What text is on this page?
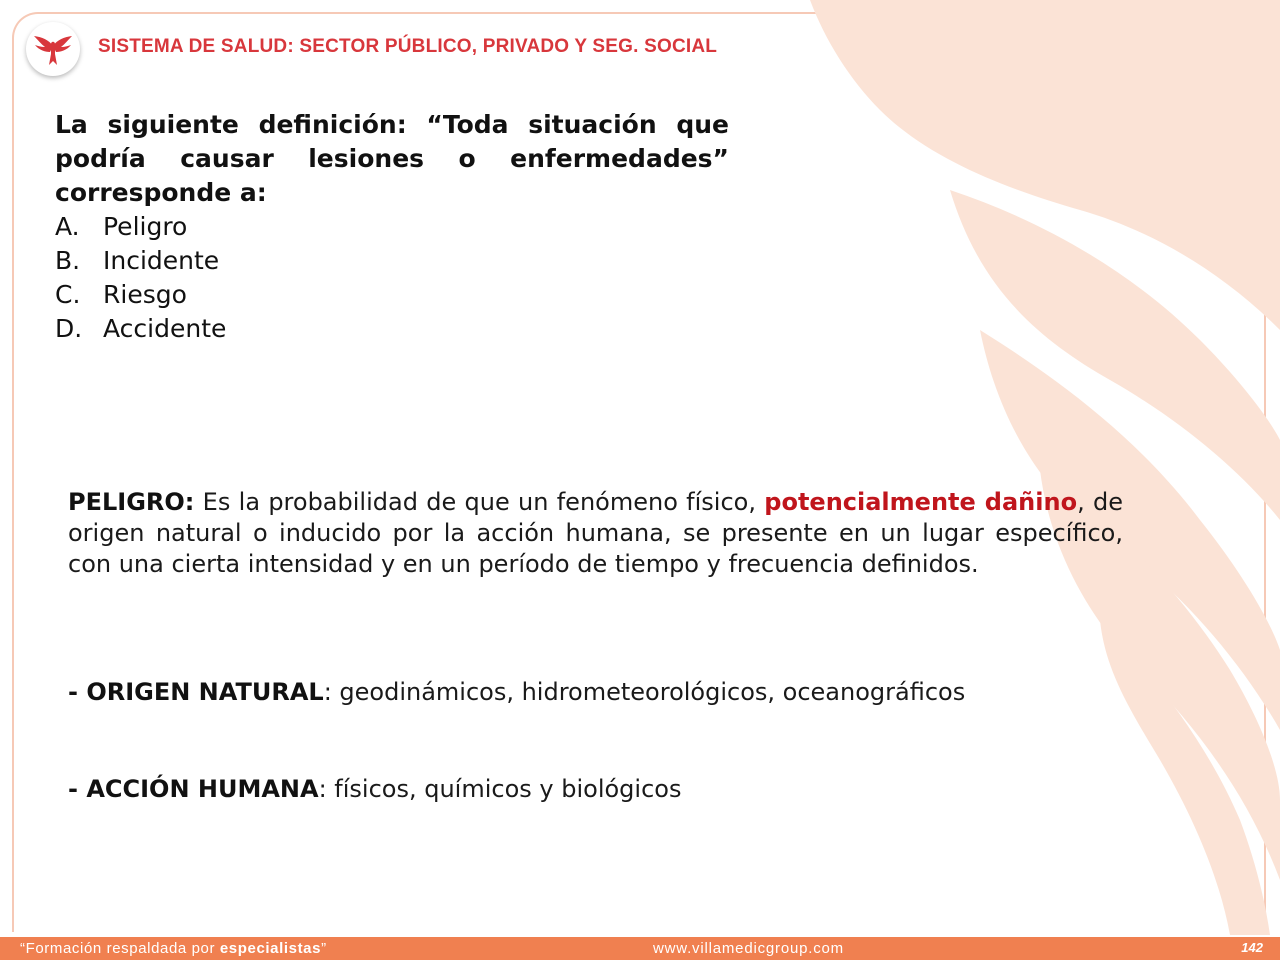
SISTEMA DE SALUD: SECTOR PÚBLICO, PRIVADO Y SEG. SOCIAL
La siguiente definición: “Toda situación que podría causar lesiones o enfermedades” corresponde a:
A. Peligro
B. Incidente
C. Riesgo
D. Accidente
PELIGRO: Es la probabilidad de que un fenómeno físico, potencialmente dañino, de origen natural o inducido por la acción humana, se presente en un lugar específico, con una cierta intensidad y en un período de tiempo y frecuencia definidos.
- ORIGEN NATURAL: geodinámicos, hidrometeorológicos, oceanográficos
- ACCIÓN HUMANA: físicos, químicos y biológicos
“Formación respaldada por especialistas”	www.villamedicgroup.com	142
